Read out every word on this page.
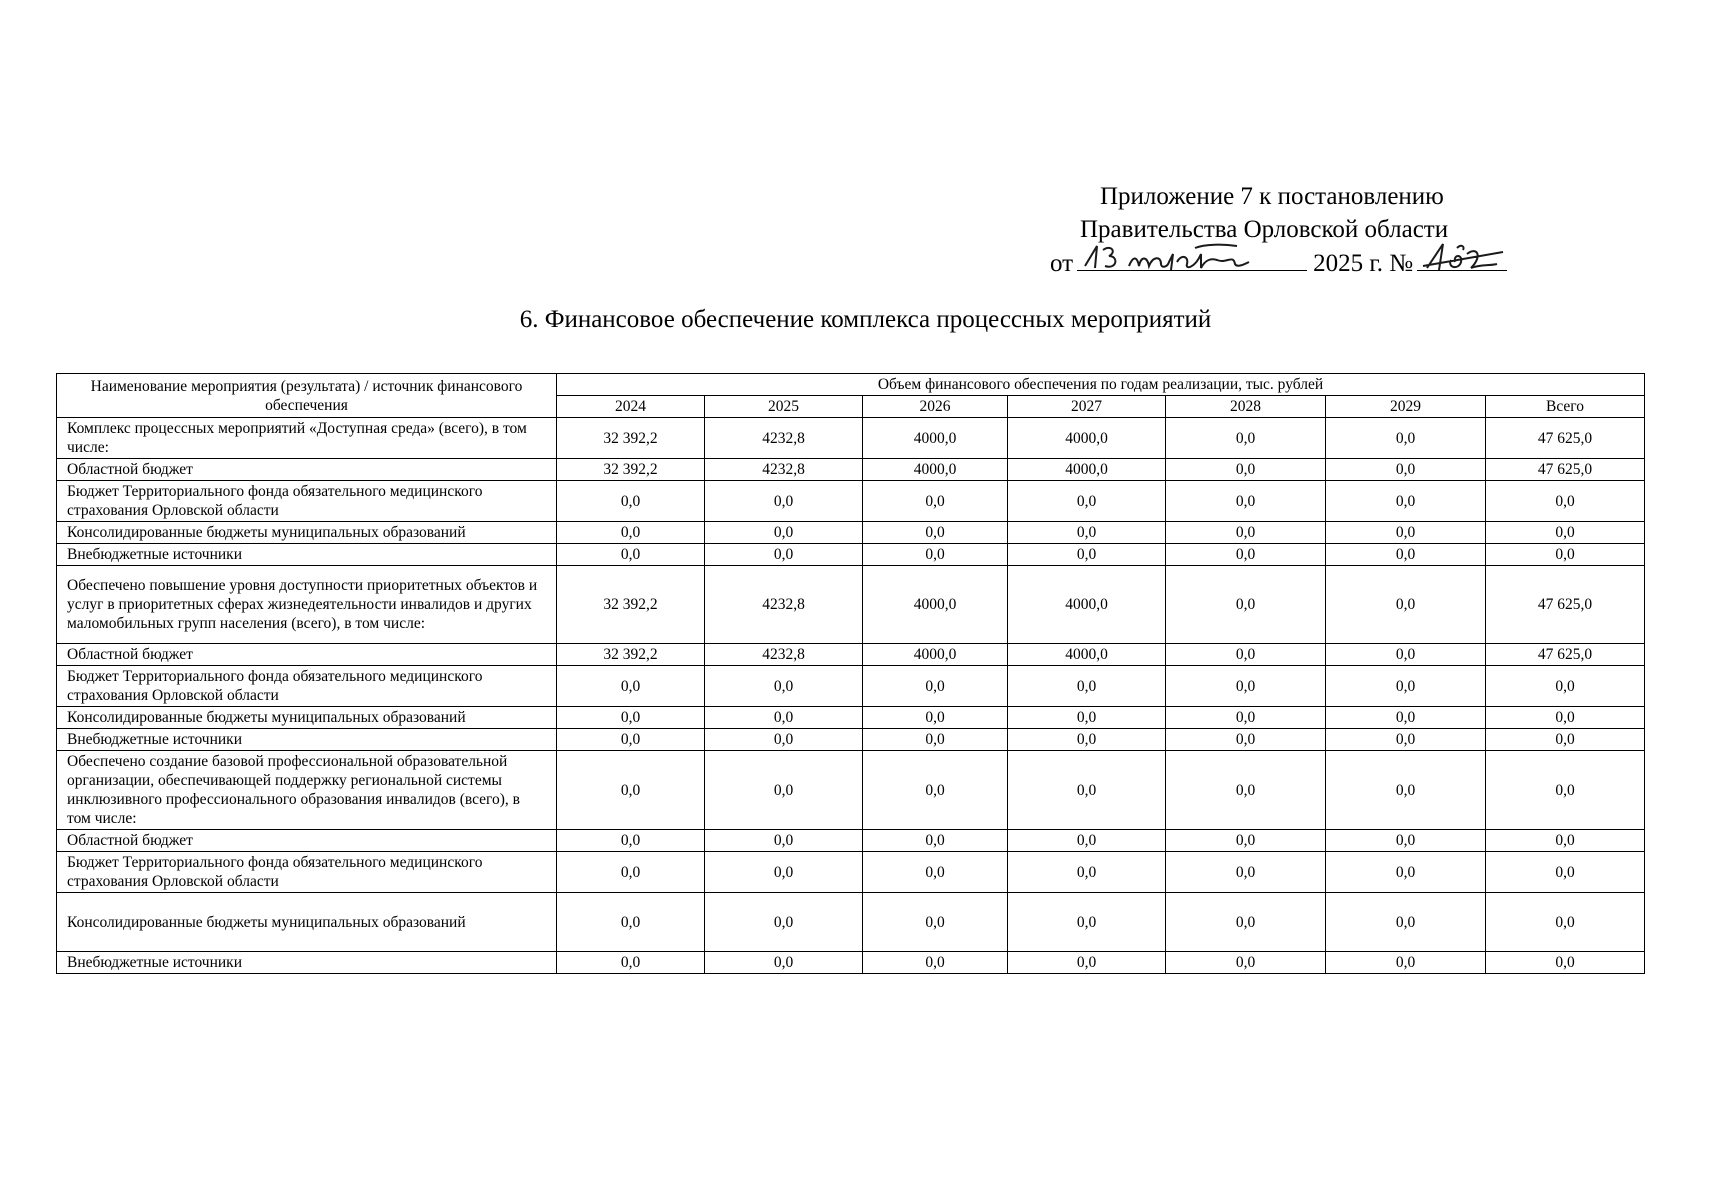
Приложение 7 к постановлению
Правительства Орловской области
от	2025 г. №
6. Финансовое обеспечение комплекса процессных мероприятий
Наименование мероприятия (результата) / источник финансового обеспечения	Объем финансового обеспечения по годам реализации, тыс. рублей						
	2024	2025	2026	2027	2028	2029	Всего
Комплекс процессных мероприятий «Доступная среда» (всего), в том числе:	32 392,2	4232,8	4000,0	4000,0	0,0	0,0	47 625,0
Областной бюджет	32 392,2	4232,8	4000,0	4000,0	0,0	0,0	47 625,0
Бюджет Территориального фонда обязательного медицинского страхования Орловской области	0,0	0,0	0,0	0,0	0,0	0,0	0,0
Консолидированные бюджеты муниципальных образований	0,0	0,0	0,0	0,0	0,0	0,0	0,0
Внебюджетные источники	0,0	0,0	0,0	0,0	0,0	0,0	0,0
Обеспечено повышение уровня доступности приоритетных объектов и услуг в приоритетных сферах жизнедеятельности инвалидов и других маломобильных групп населения (всего), в том числе:	32 392,2	4232,8	4000,0	4000,0	0,0	0,0	47 625,0
Областной бюджет	32 392,2	4232,8	4000,0	4000,0	0,0	0,0	47 625,0
Бюджет Территориального фонда обязательного медицинского страхования Орловской области	0,0	0,0	0,0	0,0	0,0	0,0	0,0
Консолидированные бюджеты муниципальных образований	0,0	0,0	0,0	0,0	0,0	0,0	0,0
Внебюджетные источники	0,0	0,0	0,0	0,0	0,0	0,0	0,0
Обеспечено создание базовой профессиональной образовательной организации, обеспечивающей поддержку региональной системы инклюзивного профессионального образования инвалидов (всего), в том числе:	0,0	0,0	0,0	0,0	0,0	0,0	0,0
Областной бюджет	0,0	0,0	0,0	0,0	0,0	0,0	0,0
Бюджет Территориального фонда обязательного медицинского страхования Орловской области	0,0	0,0	0,0	0,0	0,0	0,0	0,0
Консолидированные бюджеты муниципальных образований	0,0	0,0	0,0	0,0	0,0	0,0	0,0
Внебюджетные источники	0,0	0,0	0,0	0,0	0,0	0,0	0,0
